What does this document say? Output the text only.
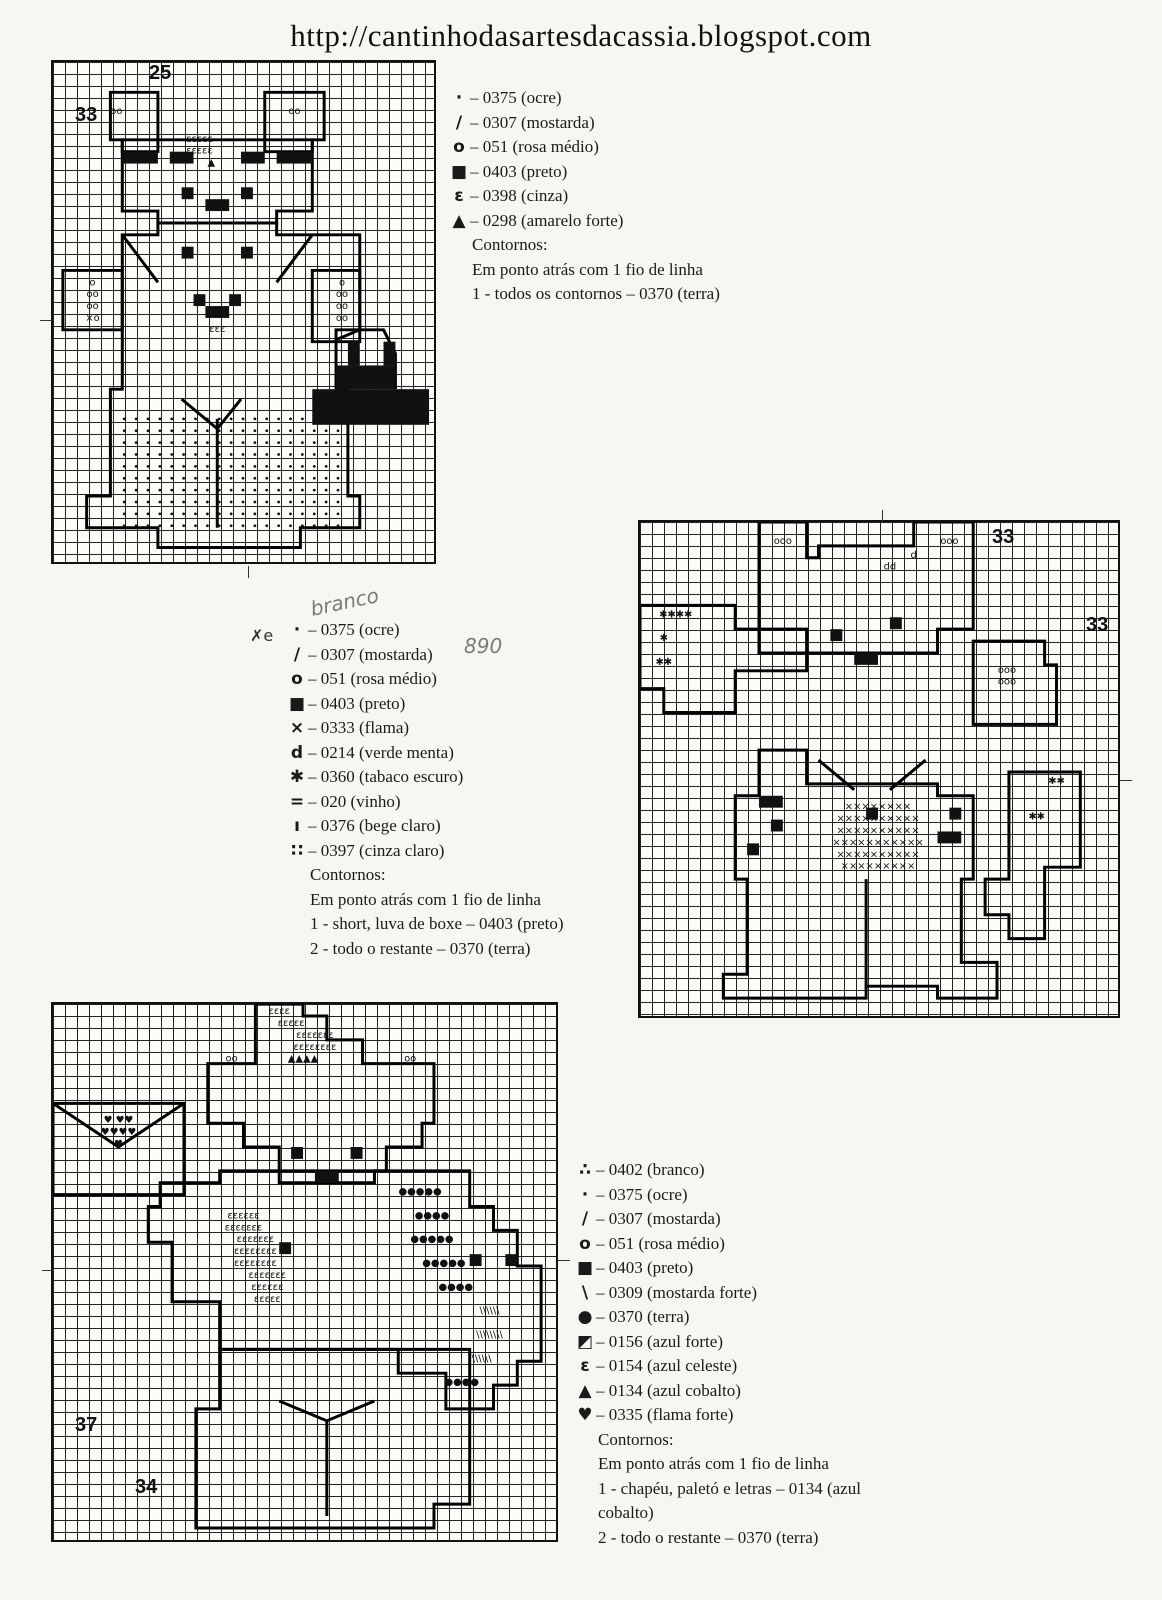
http://cantinhodasartesdacassia.blogspot.com
oo	oo
εεεεε
εεεεε
▲
o
oo
oo
×o
o
oo
oo
oo
εεε
25
33
· – 0375 (ocre)
/ – 0307 (mostarda)
o – 051 (rosa médio)
■ – 0403 (preto)
ε – 0398 (cinza)
▲ – 0298 (amarelo forte)
Contornos:
Em ponto atrás com 1 fio de linha
1 - todos os contornos – 0370 (terra)
ooo	ooo
✱✱✱✱
✱
✱✱
ooo
ooo
××××××××
××××××××××
××××××××××
×××××××××××
××××××××××
×××××××××
✱✱
✱✱
d
dd
33
33
branco
890
✗e	· – 0375 (ocre)
/ – 0307 (mostarda)
o – 051 (rosa médio)
■ – 0403 (preto)
× – 0333 (flama)
d – 0214 (verde menta)
✱ – 0360 (tabaco escuro)
= – 020 (vinho)
ı – 0376 (bege claro)
∷ – 0397 (cinza claro)
Contornos:
Em ponto atrás com 1 fio de linha
1 - short, luva de boxe – 0403 (preto)
2 - todo o restante – 0370 (terra)
εεεε
εεεεε
εεεεεεε
εεεεεεεε
▲▲▲▲
oo	oo
♥ ♥♥
♥♥♥♥
♥
εεεεεε
εεεεεεε
εεεεεεε
εεεεεεεε
εεεεεεεε
εεεεεεε
εεεεεε
εεεεε
●●●●●
●●●●
●●●●●
●●●●●
●●●●
\\\\\\
\\\\\\\\
\\\\\\
●●●●
37
34
∴ – 0402 (branco)
· – 0375 (ocre)
/ – 0307 (mostarda)
o – 051 (rosa médio)
■ – 0403 (preto)
\ – 0309 (mostarda forte)
● – 0370 (terra)
◩ – 0156 (azul forte)
ε – 0154 (azul celeste)
▲ – 0134 (azul cobalto)
♥ – 0335 (flama forte)
Contornos:
Em ponto atrás com 1 fio de linha
1 - chapéu, paletó e letras – 0134 (azul
cobalto)
2 - todo o restante – 0370 (terra)
